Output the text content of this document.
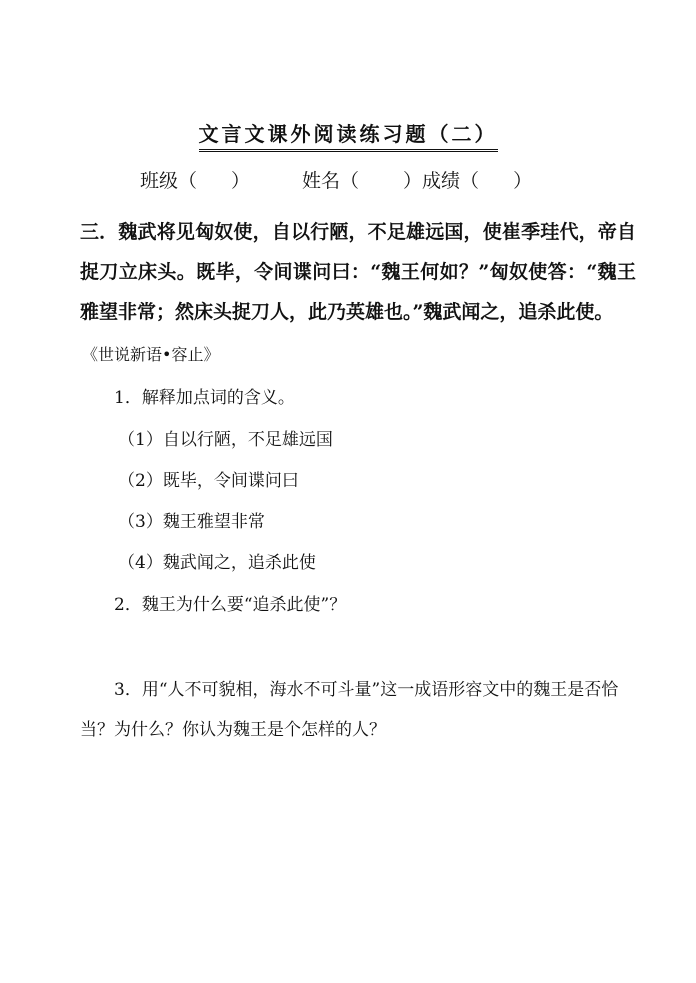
文言文课外阅读练习题（二）
班级（ ）	姓名（ ）成绩（ ）
三．魏武将见匈奴使，自以行陋，不足雄远国，使崔季珪代，帝自捉刀立床头。既毕，令间谍问曰：“魏王何如？”匈奴使答：“魏王雅望非常；然床头捉刀人，此乃英雄也。”魏武闻之，追杀此使。
《世说新语•容止》
1．解释加点词的含义。
（1）自以行陋，不足雄远国
（2）既毕，令间谍问曰
（3）魏王雅望非常
（4）魏武闻之，追杀此使
2．魏王为什么要“追杀此使”？
3．用“人不可貌相，海水不可斗量”这一成语形容文中的魏王是否恰当？为什么？你认为魏王是个怎样的人？
